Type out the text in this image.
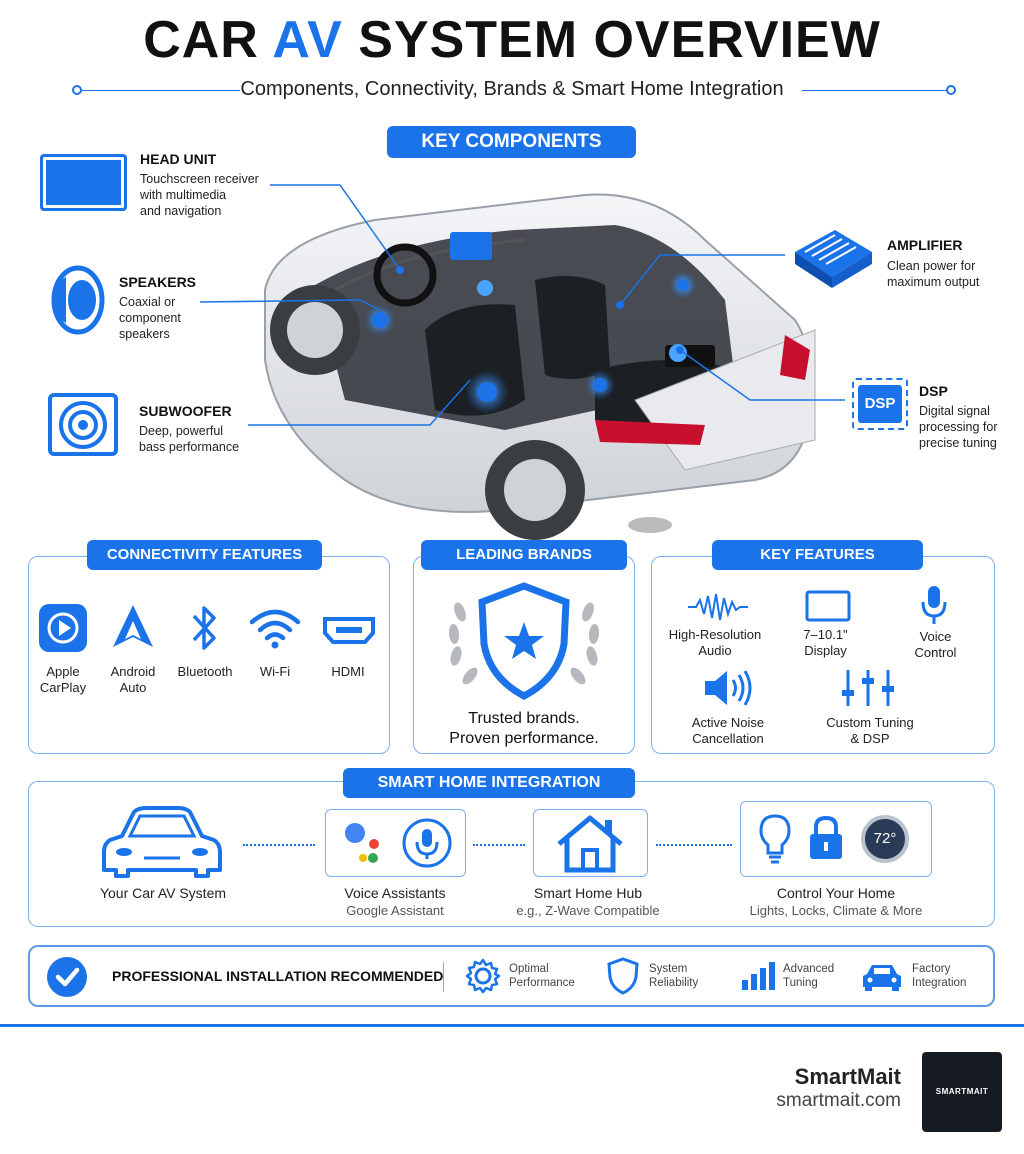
CAR AV SYSTEM OVERVIEW
Components, Connectivity, Brands & Smart Home Integration
KEY COMPONENTS
HEAD UNIT
Touchscreen receiver
with multimedia
and navigation
SPEAKERS
Coaxial or
component
speakers
SUBWOOFER
Deep, powerful
bass performance
AMPLIFIER
Clean power for
maximum output
DSP
DSP
Digital signal
processing for
precise tuning
CONNECTIVITY FEATURES
Apple
CarPlay
Android
Auto
Bluetooth	Wi-Fi	HDMI
LEADING BRANDS
Trusted brands.
Proven performance.
KEY FEATURES
High-Resolution
Audio
7–10.1"
Display
Voice
Control
Active Noise
Cancellation
Custom Tuning
& DSP
SMART HOME INTEGRATION
72°
Your Car AV System	Voice Assistants
Google Assistant
Smart Home Hub
e.g., Z-Wave Compatible
Control Your Home
Lights, Locks, Climate & More
PROFESSIONAL INSTALLATION RECOMMENDED	Optimal
Performance
System
Reliability
Advanced
Tuning
Factory
Integration
SmartMait
smartmait.com	SMARTMAIT
